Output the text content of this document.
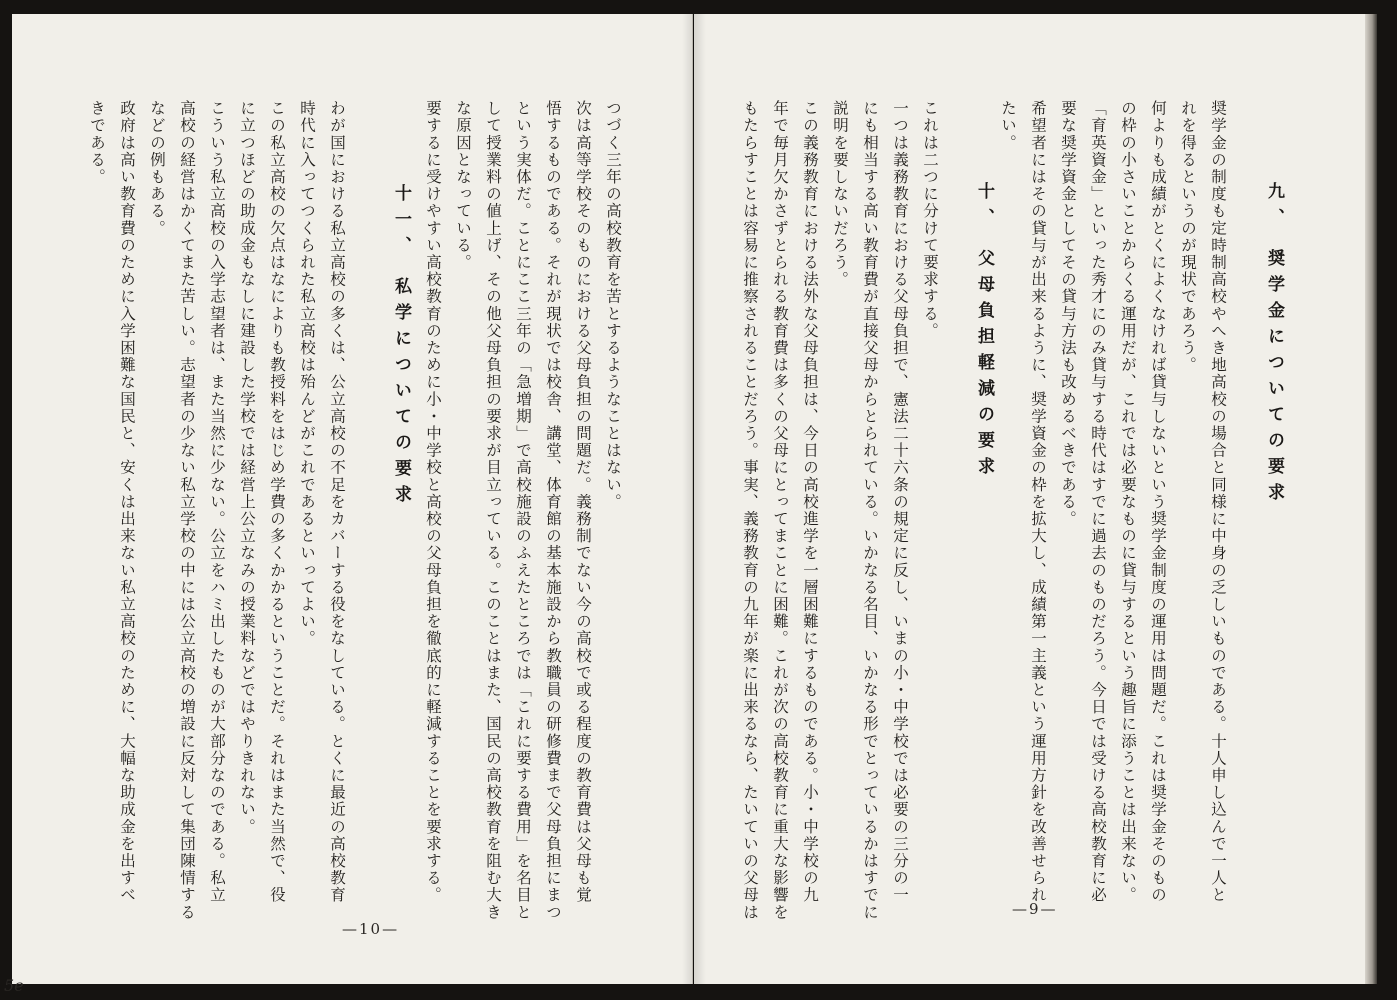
つづく三年の高校教育を苦とするようなことはない。
次は高等学校そのものにおける父母負担の問題だ。義務制でない今の高校で或る程度の教育費は父母も覚
悟するものである。それが現状では校舎、講堂、体育館の基本施設から教職員の研修費まで父母負担にまつ
という実体だ。ことにここ三年の「急増期」で高校施設のふえたところでは「これに要する費用」を名目と
して授業料の値上げ、その他父母負担の要求が目立っている。このことはまた、国民の高校教育を阻む大き
な原因となっている。
要するに受けやすい高校教育のために小・中学校と高校の父母負担を徹底的に軽減することを要求する。
十一、 私学についての要求
わが国における私立高校の多くは、公立高校の不足をカバーする役をなしている。とくに最近の高校教育
時代に入ってつくられた私立高校は殆んどがこれであるといってよい。
この私立高校の欠点はなによりも教授料をはじめ学費の多くかかるということだ。それはまた当然で、役
に立つほどの助成金もなしに建設した学校では経営上公立なみの授業料などではやりきれない。
こういう私立高校の入学志望者は、また当然に少ない。公立をハミ出したものが大部分なのである。私立
高校の経営はかくてまた苦しい。志望者の少ない私立学校の中には公立高校の増設に反対して集団陳情する
などの例もある。
政府は高い教育費のために入学困難な国民と、安くは出来ない私立高校のために、大幅な助成金を出すべ
きである。
—10—
九、 奨学金についての要求
奨学金の制度も定時制高校やへき地高校の場合と同様に中身の乏しいものである。十人申し込んで一人と
れを得るというのが現状であろう。
何よりも成績がとくによくなければ貸与しないという奨学金制度の運用は問題だ。これは奨学金そのもの
の枠の小さいことからくる運用だが、これでは必要なものに貸与するという趣旨に添うことは出来ない。
「育英資金」といった秀才にのみ貸与する時代はすでに過去のものだろう。今日では受ける高校教育に必
要な奨学資金としてその貸与方法も改めるべきである。
希望者にはその貸与が出来るように、奨学資金の枠を拡大し、成績第一主義という運用方針を改善せられ
たい。
十、 父母負担軽減の要求
これは二つに分けて要求する。
一つは義務教育における父母負担で、憲法二十六条の規定に反し、いまの小・中学校では必要の三分の一
にも相当する高い教育費が直接父母からとられている。いかなる名目、いかなる形でとっているかはすでに
説明を要しないだろう。
この義務教育における法外な父母負担は、今日の高校進学を一層困難にするものである。小・中学校の九
年で毎月欠かさずとられる教育費は多くの父母にとってまことに困難。これが次の高校教育に重大な影響を
もたらすことは容易に推察されることだろう。事実、義務教育の九年が楽に出来るなら、たいていの父母は	—9—
5e
